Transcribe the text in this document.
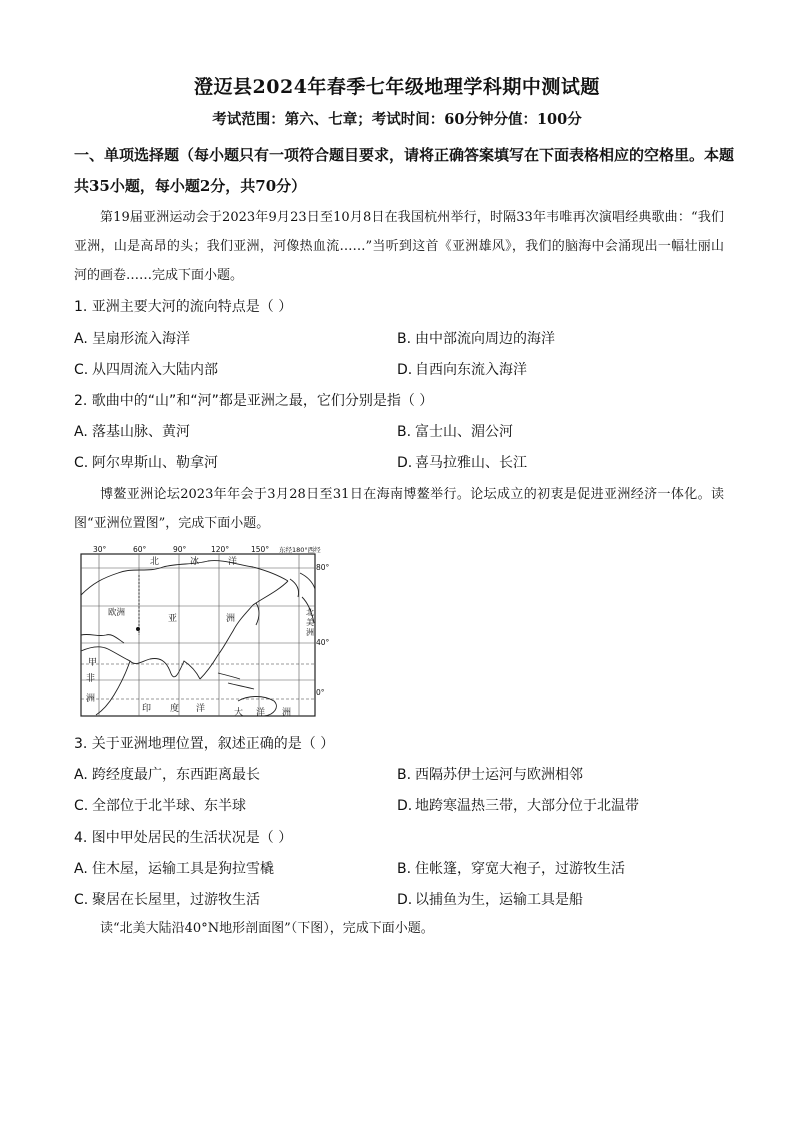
澄迈县2024年春季七年级地理学科期中测试题
考试范围：第六、七章；考试时间：60分钟分值：100分
一、单项选择题（每小题只有一项符合题目要求，请将正确答案填写在下面表格相应的空格里。本题共35小题，每小题2分，共70分）
第19届亚洲运动会于2023年9月23日至10月8日在我国杭州举行，时隔33年韦唯再次演唱经典歌曲：“我们亚洲，山是高昂的头；我们亚洲，河像热血流……”当听到这首《亚洲雄风》，我们的脑海中会涌现出一幅壮丽山河的画卷……完成下面小题。
1. 亚洲主要大河的流向特点是（ ）
A. 呈扇形流入海洋	B. 由中部流向周边的海洋
C. 从四周流入大陆内部	D. 自西向东流入海洋
2. 歌曲中的“山”和“河”都是亚洲之最，它们分别是指（ ）
A. 落基山脉、黄河	B. 富士山、湄公河
C. 阿尔卑斯山、勒拿河	D. 喜马拉雅山、长江
博鳌亚洲论坛2023年年会于3月28日至31日在海南博鳌举行。论坛成立的初衷是促进亚洲经济一体化。读图“亚洲位置图”，完成下面小题。
30°	60°	90°	120°	150° 东经180°西经
80°
40°
0°
北	冰	洋
欧洲
亚	洲
北
美
洲
甲
非
洲
印 度 洋	大 洋 洲
3. 关于亚洲地理位置，叙述正确的是（ ）
A. 跨经度最广，东西距离最长	B. 西隔苏伊士运河与欧洲相邻
C. 全部位于北半球、东半球	D. 地跨寒温热三带，大部分位于北温带
4. 图中甲处居民的生活状况是（ ）
A. 住木屋，运输工具是狗拉雪橇	B. 住帐篷，穿宽大袍子，过游牧生活
C. 聚居在长屋里，过游牧生活	D. 以捕鱼为生，运输工具是船
读“北美大陆沿40°N地形剖面图”（下图），完成下面小题。
